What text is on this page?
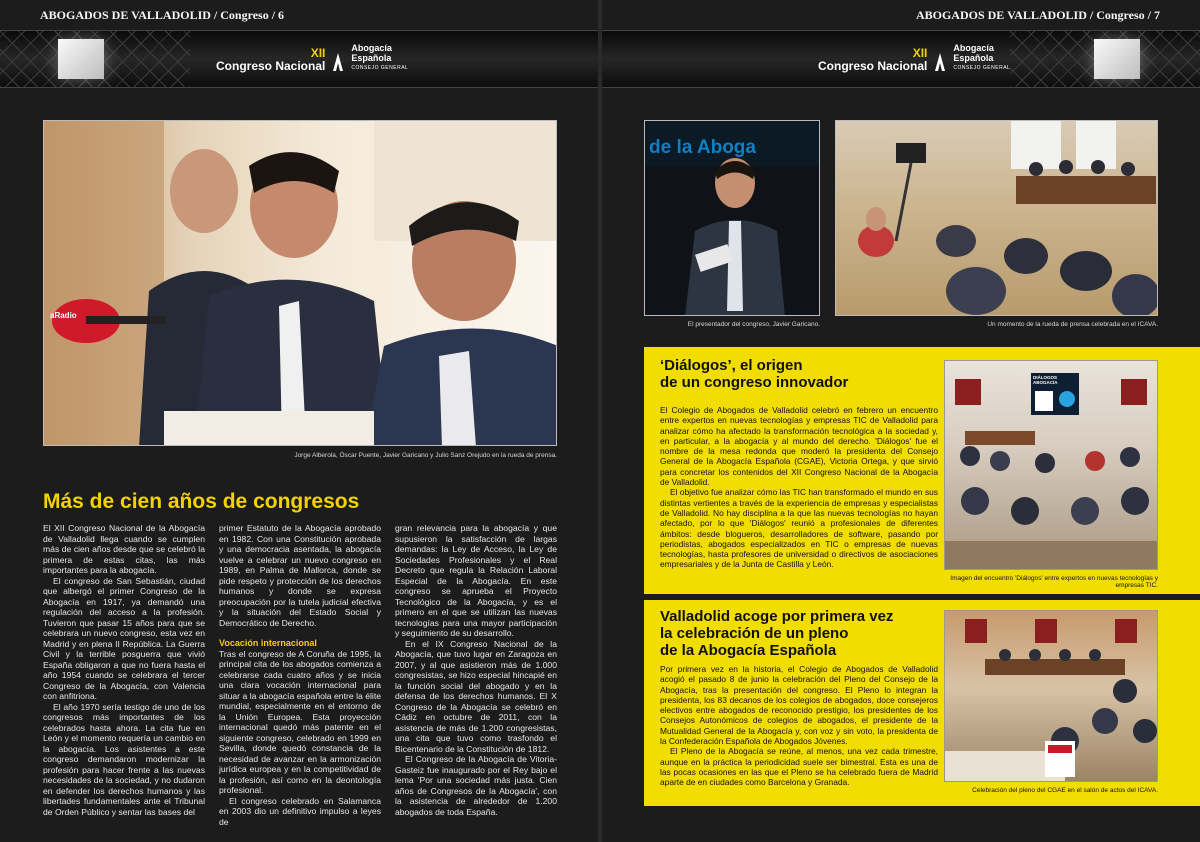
ABOGADOS DE VALLADOLID / Congreso / 6
XII
Congreso Nacional
Abogacía
Española
CONSEJO GENERAL
aRadio
Jorge Alberola, Óscar Puente, Javier Garicano y Julio Sanz Orejudo en la rueda de prensa.
Más de cien años de congresos

El XII Congreso Nacional de la Abogacía de Valladolid llega cuando se cumplen más de cien años desde que se celebró la primera de estas citas, las más importantes para la abogacía.

El congreso de San Sebastián, ciudad que albergó el primer Congreso de la Abogacía en 1917, ya demandó una regulación del acceso a la profesión. Tuvieron que pasar 15 años para que se celebrara un nuevo congreso, esta vez en Madrid y en plena II República. La Guerra Civil y la terrible posguerra que vivió España obligaron a que no fuera hasta el año 1954 cuando se celebrara el tercer Congreso de la Abogacía, con Valencia con anfitriona.

El año 1970 sería testigo de uno de los congresos más importantes de los celebrados hasta ahora. La cita fue en León y el momento requería un cambio en la abogacía. Los asistentes a este congreso demandaron modernizar la profesión para hacer frente a las nuevas necesidades de la sociedad, y no dudaron en defender los derechos humanos y las libertades fundamentales ante el Tribunal de Orden Público y sentar las bases del

primer Estatuto de la Abogacía aprobado en 1982. Con una Constitución aprobada y una democracia asentada, la abogacía vuelve a celebrar un nuevo congreso en 1989, en Palma de Mallorca, donde se pide respeto y protección de los derechos humanos y donde se expresa preocupación por la tutela judicial efectiva y la situación del Estado Social y Democrático de Derecho.

Vocación internacional

Tras el congreso de A Coruña de 1995, la principal cita de los abogados comienza a celebrarse cada cuatro años y se inicia una clara vocación internacional para situar a la abogacía española entre la élite mundial, especialmente en el entorno de la Unión Europea. Esta proyección internacional quedó más patente en el siguiente congreso, celebrado en 1999 en Sevilla, donde quedó constancia de la necesidad de avanzar en la armonización jurídica europea y en la competitividad de la profesión, así como en la deontología profesional.

El congreso celebrado en Salamanca en 2003 dio un definitivo impulso a leyes de

gran relevancia para la abogacía y que supusieron la satisfacción de largas demandas: la Ley de Acceso, la Ley de Sociedades Profesionales y el Real Decreto que regula la Relación Laboral Especial de la Abogacía. En este congreso se aprueba el Proyecto Tecnológico de la Abogacía, y es el primero en el que se utilizan las nuevas tecnologías para una mayor participación y seguimiento de su desarrollo.

En el IX Congreso Nacional de la Abogacía, que tuvo lugar en Zaragoza en 2007, y al que asistieron más de 1.000 congresistas, se hizo especial hincapié en la función social del abogado y en la defensa de los derechos humanos. El X Congreso de la Abogacía se celebró en Cádiz en octubre de 2011, con la asistencia de más de 1.200 congresistas, una cita que tuvo como trasfondo el Bicentenario de la Constitución de 1812.

El Congreso de la Abogacía de Vitoria-Gasteiz fue inaugurado por el Rey bajo el lema 'Por una sociedad más justa. Cien años de Congresos de la Abogacía', con la asistencia de alrededor de 1.200 abogados de toda España.

ABOGADOS DE VALLADOLID / Congreso / 7
XII
Congreso Nacional
Abogacía
Española
CONSEJO GENERAL
de la Aboga
El presentador del congreso, Javier Garicano.	Un momento de la rueda de prensa celebrada en el ICAVA.
‘Diálogos’, el origen
de un congreso innovador

El Colegio de Abogados de Valladolid celebró en febrero un encuentro entre expertos en nuevas tecnologías y empresas TIC de Valladolid para analizar cómo ha afectado la transformación tecnológica a la sociedad y, en particular, a la abogacía y al mundo del derecho. 'Diálogos' fue el nombre de la mesa redonda que moderó la presidenta del Consejo General de la Abogacía Española (CGAE), Victoria Ortega, y que sirvió para concretar los contenidos del XII Congreso Nacional de la Abogacía de Valladolid.

El objetivo fue analizar cómo las TIC han transformado el mundo en sus distintas vertientes a través de la experiencia de empresas y especialistas de Valladolid. No hay disciplina a la que las nuevas tecnologías no hayan afectado, por lo que 'Diálogos' reunió a profesionales de diferentes ámbitos: desde blogueros, desarrolladores de software, pasando por periodistas, abogados especializados en TIC o empresas de nuevas tecnologías, hasta profesores de universidad o directivos de asociaciones empresariales y de la Junta de Castilla y León.

DIÁLOGOS ABOGACÍA
Imagen del encuentro 'Diálogos' entre expertos en nuevas tecnologías y empresas TIC.
Valladolid acoge por primera vez
la celebración de un pleno
de la Abogacía Española

Por primera vez en la historia, el Colegio de Abogados de Valladolid acogió el pasado 8 de junio la celebración del Pleno del Consejo de la Abogacía, tras la presentación del congreso. El Pleno lo integran la presidenta, los 83 decanos de los colegios de abogados, doce consejeros electivos entre abogados de reconocido prestigio, los presidentes de los Consejos Autonómicos de colegios de abogados, el presidente de la Mutualidad General de la Abogacía y, con voz y sin voto, la presidenta de la Confederación Española de Abogados Jóvenes.

El Pleno de la Abogacía se reúne, al menos, una vez cada trimestre, aunque en la práctica la periodicidad suele ser bimestral. Esta es una de las pocas ocasiones en las que el Pleno se ha celebrado fuera de Madrid aparte de en ciudades como Barcelona y Granada.

Celebración del pleno del CGAE en el salón de actos del ICAVA.
